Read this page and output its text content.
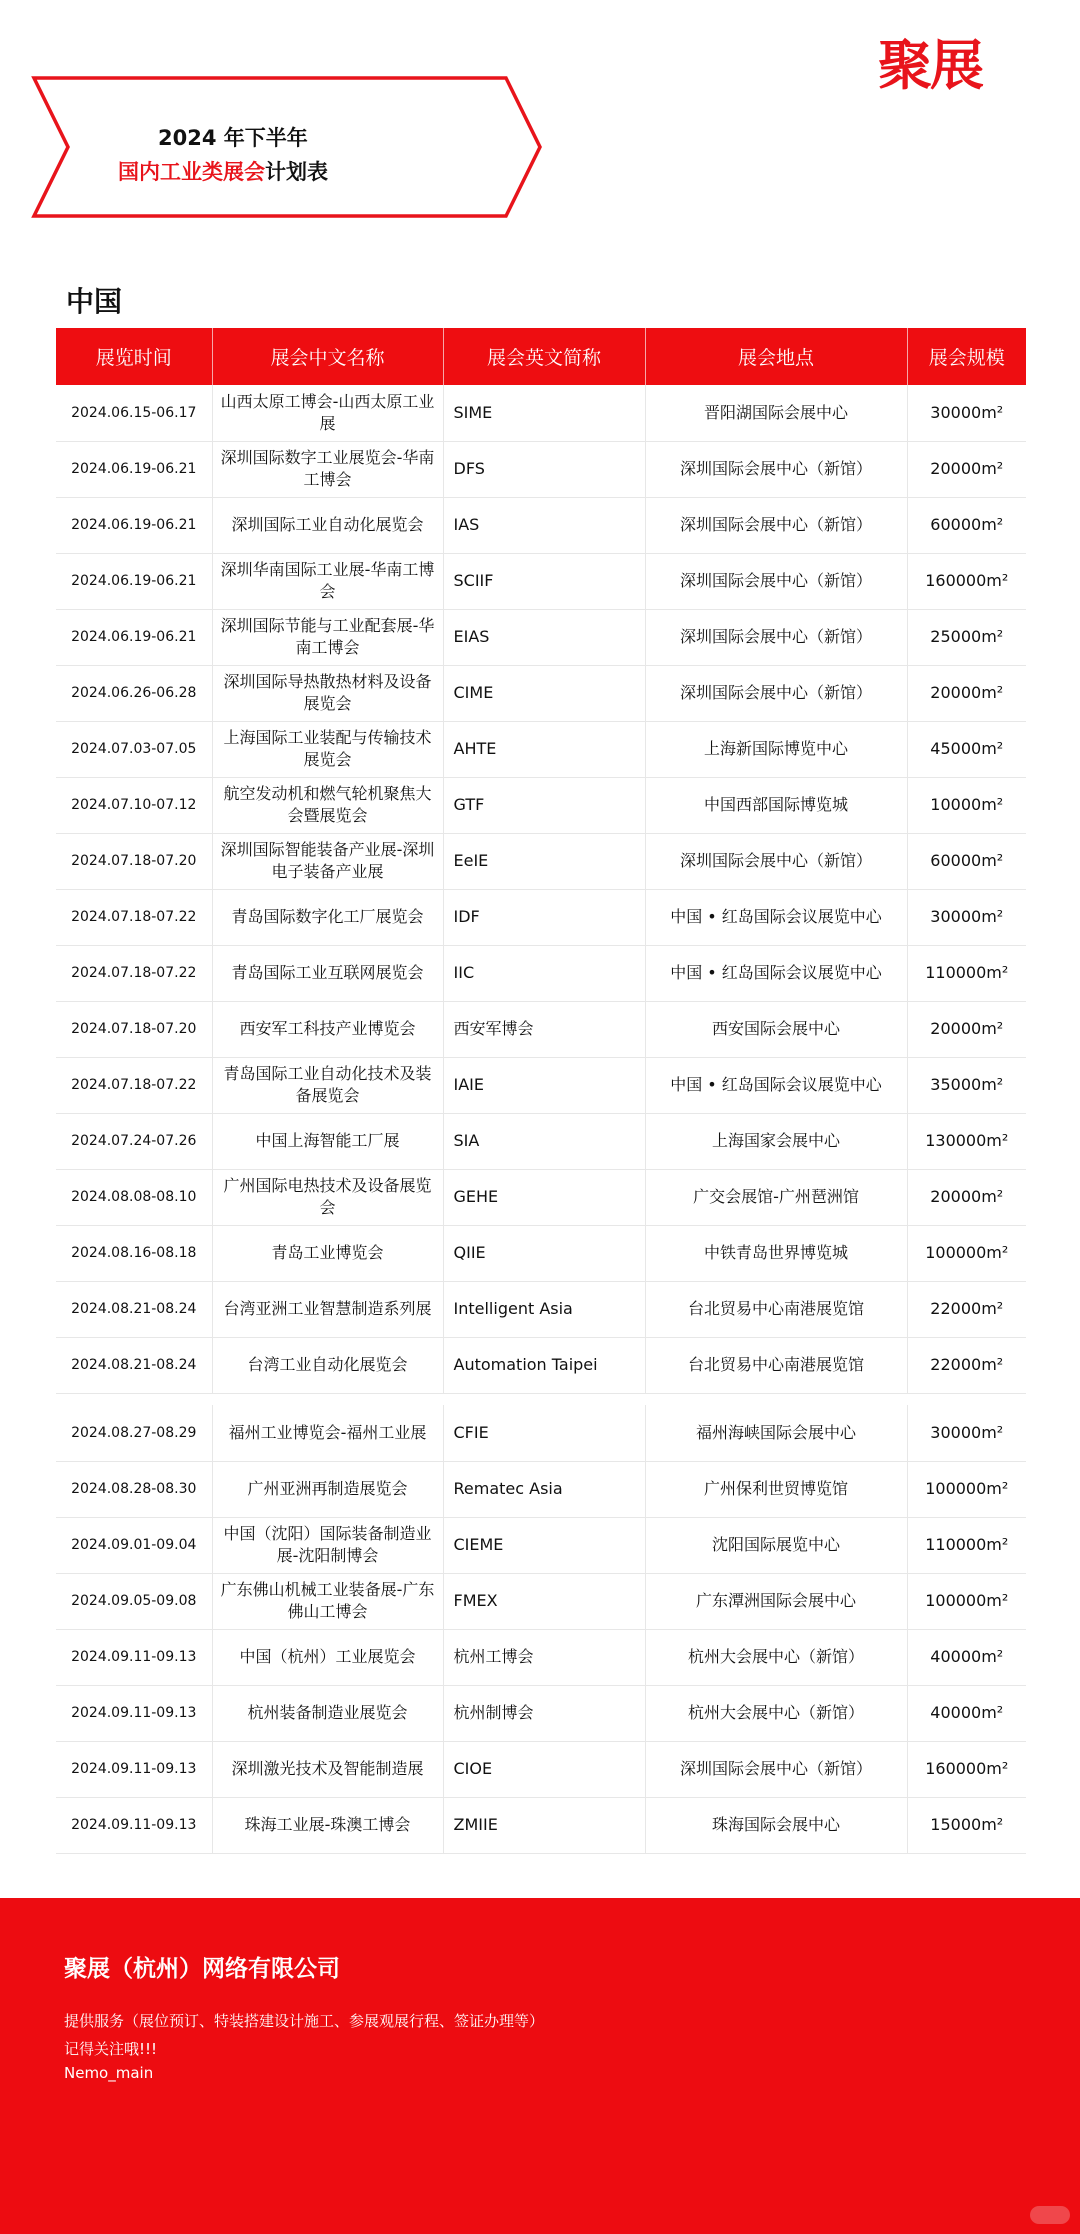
聚展
2024 年下半年
国内工业类展会计划表
中国
展览时间	展会中文名称	展会英文简称	展会地点	展会规模
2024.06.15-06.17	山西太原工博会-山西太原工业展	SIME	晋阳湖国际会展中心	30000m²
2024.06.19-06.21	深圳国际数字工业展览会-华南工博会	DFS	深圳国际会展中心（新馆）	20000m²
2024.06.19-06.21	深圳国际工业自动化展览会	IAS	深圳国际会展中心（新馆）	60000m²
2024.06.19-06.21	深圳华南国际工业展-华南工博会	SCIIF	深圳国际会展中心（新馆）	160000m²
2024.06.19-06.21	深圳国际节能与工业配套展-华南工博会	EIAS	深圳国际会展中心（新馆）	25000m²
2024.06.26-06.28	深圳国际导热散热材料及设备展览会	CIME	深圳国际会展中心（新馆）	20000m²
2024.07.03-07.05	上海国际工业装配与传输技术展览会	AHTE	上海新国际博览中心	45000m²
2024.07.10-07.12	航空发动机和燃气轮机聚焦大会暨展览会	GTF	中国西部国际博览城	10000m²
2024.07.18-07.20	深圳国际智能装备产业展-深圳电子装备产业展	EeIE	深圳国际会展中心（新馆）	60000m²
2024.07.18-07.22	青岛国际数字化工厂展览会	IDF	中国 • 红岛国际会议展览中心	30000m²
2024.07.18-07.22	青岛国际工业互联网展览会	IIC	中国 • 红岛国际会议展览中心	110000m²
2024.07.18-07.20	西安军工科技产业博览会	西安军博会	西安国际会展中心	20000m²
2024.07.18-07.22	青岛国际工业自动化技术及装备展览会	IAIE	中国 • 红岛国际会议展览中心	35000m²
2024.07.24-07.26	中国上海智能工厂展	SIA	上海国家会展中心	130000m²
2024.08.08-08.10	广州国际电热技术及设备展览会	GEHE	广交会展馆-广州琶洲馆	20000m²
2024.08.16-08.18	青岛工业博览会	QIIE	中铁青岛世界博览城	100000m²
2024.08.21-08.24	台湾亚洲工业智慧制造系列展	Intelligent Asia	台北贸易中心南港展览馆	22000m²
2024.08.21-08.24	台湾工业自动化展览会	Automation Taipei	台北贸易中心南港展览馆	22000m²

2024.08.27-08.29	福州工业博览会-福州工业展	CFIE	福州海峡国际会展中心	30000m²
2024.08.28-08.30	广州亚洲再制造展览会	Rematec Asia	广州保利世贸博览馆	100000m²
2024.09.01-09.04	中国（沈阳）国际装备制造业展-沈阳制博会	CIEME	沈阳国际展览中心	110000m²
2024.09.05-09.08	广东佛山机械工业装备展-广东佛山工博会	FMEX	广东潭洲国际会展中心	100000m²
2024.09.11-09.13	中国（杭州）工业展览会	杭州工博会	杭州大会展中心（新馆）	40000m²
2024.09.11-09.13	杭州装备制造业展览会	杭州制博会	杭州大会展中心（新馆）	40000m²
2024.09.11-09.13	深圳激光技术及智能制造展	CIOE	深圳国际会展中心（新馆）	160000m²
2024.09.11-09.13	珠海工业展-珠澳工博会	ZMIIE	珠海国际会展中心	15000m²
聚展（杭州）网络有限公司
提供服务（展位预订、特装搭建设计施工、参展观展行程、签证办理等）
记得关注哦!!!
Nemo_main
